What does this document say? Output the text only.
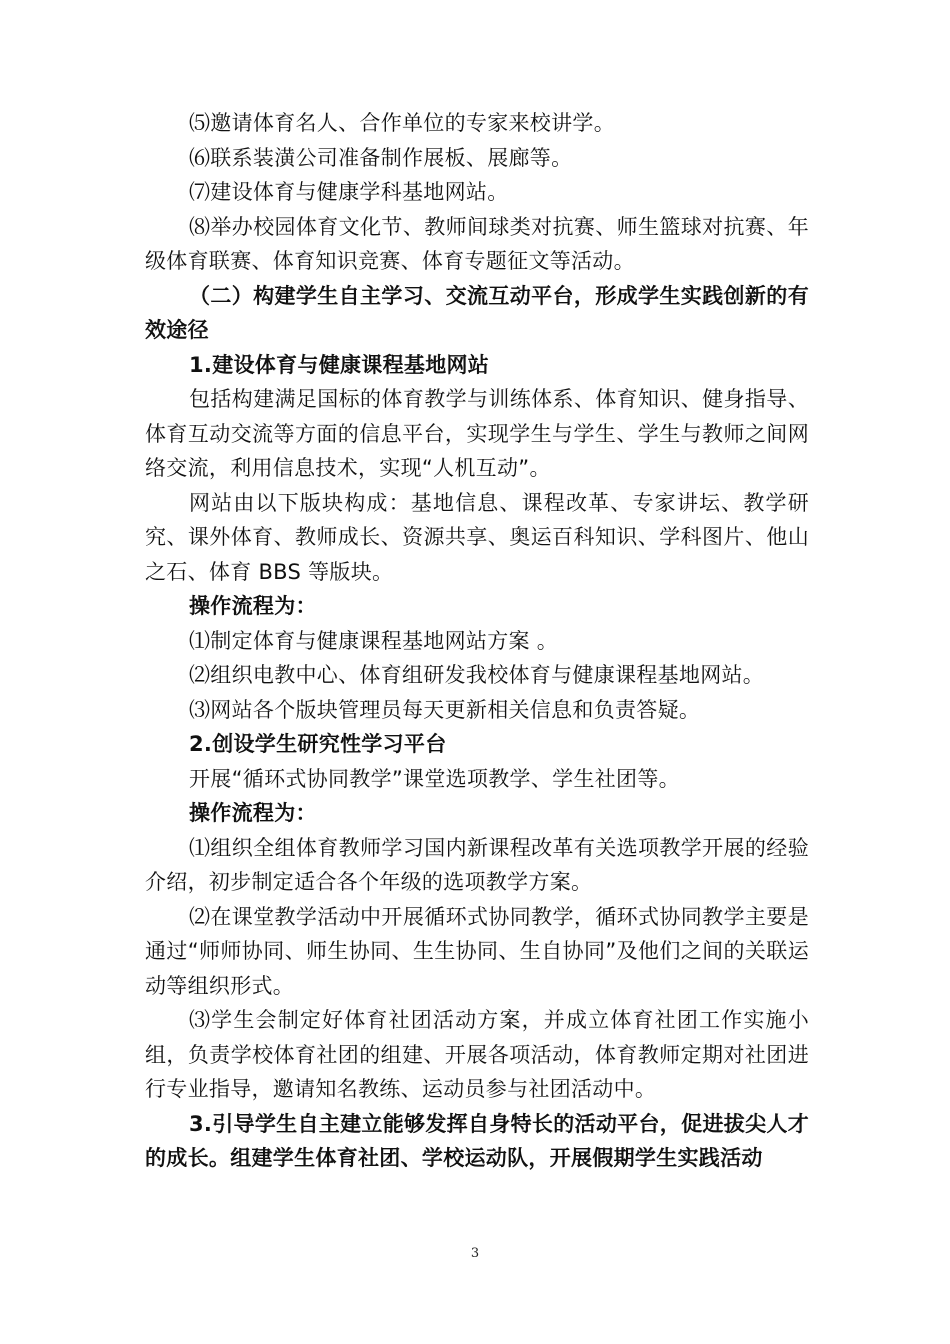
⑸邀请体育名人、合作单位的专家来校讲学。

⑹联系装潢公司准备制作展板、展廊等。

⑺建设体育与健康学科基地网站。

⑻举办校园体育文化节、教师间球类对抗赛、师生篮球对抗赛、年级体育联赛、体育知识竞赛、体育专题征文等活动。

（二）构建学生自主学习、交流互动平台，形成学生实践创新的有效途径

1.建设体育与健康课程基地网站

包括构建满足国标的体育教学与训练体系、体育知识、健身指导、体育互动交流等方面的信息平台，实现学生与学生、学生与教师之间网络交流，利用信息技术，实现“人机互动”。

网站由以下版块构成：基地信息、课程改革、专家讲坛、教学研究、课外体育、教师成长、资源共享、奥运百科知识、学科图片、他山之石、体育 BBS 等版块。

操作流程为：

⑴制定体育与健康课程基地网站方案 。

⑵组织电教中心、体育组研发我校体育与健康课程基地网站。

⑶网站各个版块管理员每天更新相关信息和负责答疑。

2.创设学生研究性学习平台

开展“循环式协同教学”课堂选项教学、学生社团等。

操作流程为：

⑴组织全组体育教师学习国内新课程改革有关选项教学开展的经验介绍，初步制定适合各个年级的选项教学方案。

⑵在课堂教学活动中开展循环式协同教学，循环式协同教学主要是通过“师师协同、师生协同、生生协同、生自协同”及他们之间的关联运动等组织形式。

⑶学生会制定好体育社团活动方案，并成立体育社团工作实施小组，负责学校体育社团的组建、开展各项活动，体育教师定期对社团进行专业指导，邀请知名教练、运动员参与社团活动中。

3.引导学生自主建立能够发挥自身特长的活动平台，促进拔尖人才的成长。组建学生体育社团、学校运动队，开展假期学生实践活动

3
